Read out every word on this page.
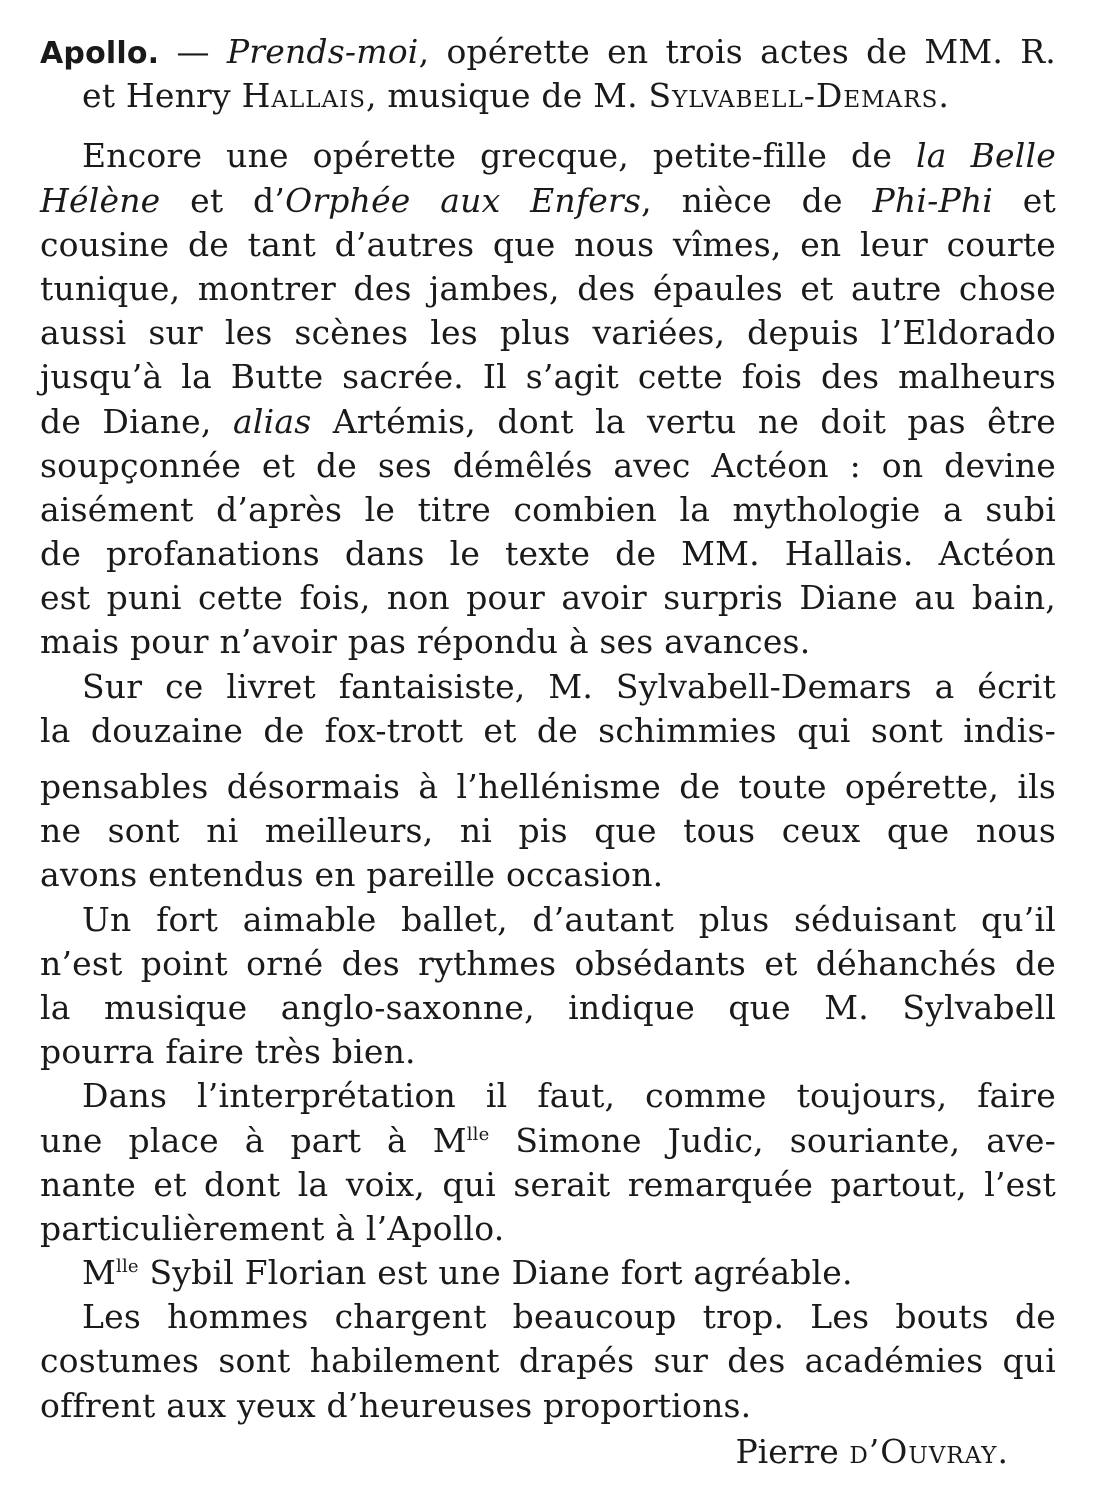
Apollo. — Prends-moi, opérette en trois actes de MM. R.
et Henry Hallais, musique de M. Sylvabell-Demars.
Encore une opérette grecque, petite-fille de la Belle
Hélène et d’Orphée aux Enfers, nièce de Phi-Phi et
cousine de tant d’autres que nous vîmes, en leur courte
tunique, montrer des jambes, des épaules et autre chose
aussi sur les scènes les plus variées, depuis l’Eldorado
jusqu’à la Butte sacrée. Il s’agit cette fois des malheurs
de Diane, alias Artémis, dont la vertu ne doit pas être
soupçonnée et de ses démêlés avec Actéon : on devine
aisément d’après le titre combien la mythologie a subi
de profanations dans le texte de MM. Hallais. Actéon
est puni cette fois, non pour avoir surpris Diane au bain,
mais pour n’avoir pas répondu à ses avances.
Sur ce livret fantaisiste, M. Sylvabell-Demars a écrit
la douzaine de fox-trott et de schimmies qui sont indis-
pensables désormais à l’hellénisme de toute opérette, ils
ne sont ni meilleurs, ni pis que tous ceux que nous
avons entendus en pareille occasion.
Un fort aimable ballet, d’autant plus séduisant qu’il
n’est point orné des rythmes obsédants et déhanchés de
la musique anglo-saxonne, indique que M. Sylvabell
pourra faire très bien.
Dans l’interprétation il faut, comme toujours, faire
une place à part à $M^{lle}$ Simone Judic, souriante, ave-
nante et dont la voix, qui serait remarquée partout, l’est
particulièrement à l’Apollo.
$M^{lle}$ Sybil Florian est une Diane fort agréable.
Les hommes chargent beaucoup trop. Les bouts de
costumes sont habilement drapés sur des académies qui
offrent aux yeux d’heureuses proportions.
Pierre d’Ouvray.
